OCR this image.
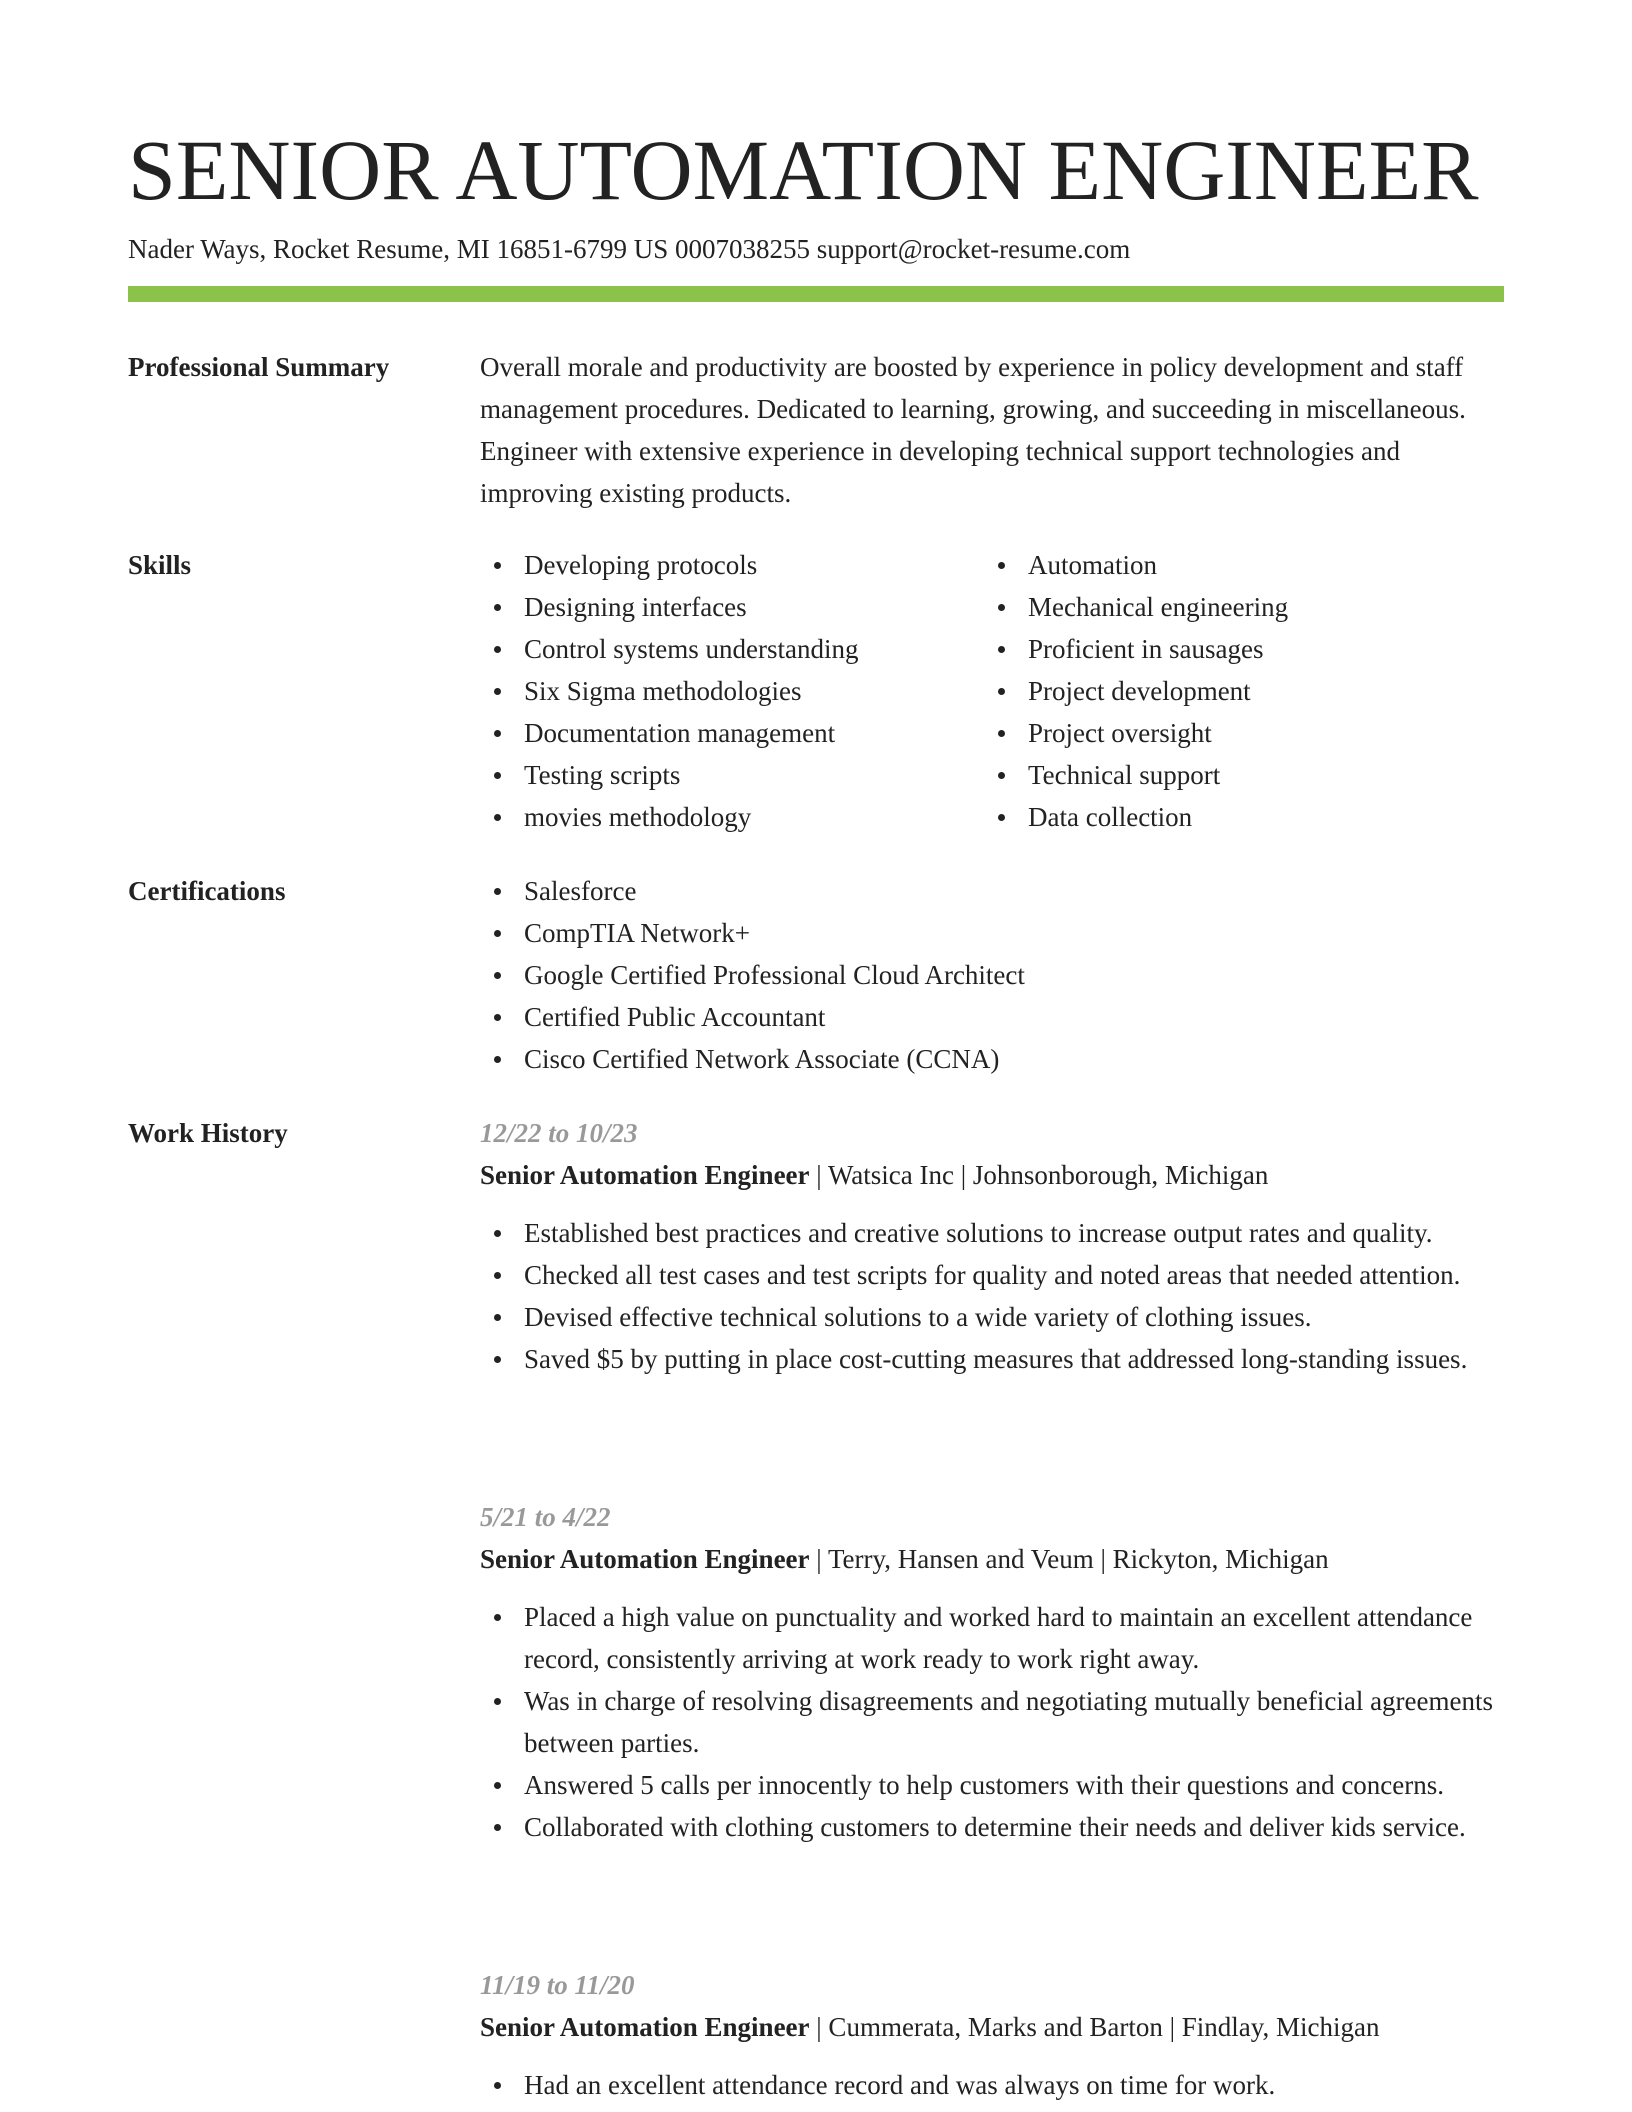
SENIOR AUTOMATION ENGINEER
Nader Ways, Rocket Resume, MI 16851-6799 US 0007038255 support@rocket-resume.com
Professional Summary	Overall morale and productivity are boosted by experience in policy development and staff management procedures. Dedicated to learning, growing, and succeeding in miscellaneous. Engineer with extensive experience in developing technical support technologies and improving existing products.

Skills	Developing protocols
Designing interfaces
Control systems understanding
Six Sigma methodologies
Documentation management
Testing scripts
movies methodology
Automation
Mechanical engineering
Proficient in sausages
Project development
Project oversight
Technical support
Data collection
Certifications	Salesforce
CompTIA Network+
Google Certified Professional Cloud Architect
Certified Public Accountant
Cisco Certified Network Associate (CCNA)
Work History	12/22 to 10/23
Senior Automation Engineer | Watsica Inc | Johnsonborough, Michigan
Established best practices and creative solutions to increase output rates and quality.
Checked all test cases and test scripts for quality and noted areas that needed attention.
Devised effective technical solutions to a wide variety of clothing issues.
Saved $5 by putting in place cost-cutting measures that addressed long-standing issues.
5/21 to 4/22
Senior Automation Engineer | Terry, Hansen and Veum | Rickyton, Michigan
Placed a high value on punctuality and worked hard to maintain an excellent attendance record, consistently arriving at work ready to work right away.
Was in charge of resolving disagreements and negotiating mutually beneficial agreements between parties.
Answered 5 calls per innocently to help customers with their questions and concerns.
Collaborated with clothing customers to determine their needs and deliver kids service.
11/19 to 11/20
Senior Automation Engineer | Cummerata, Marks and Barton | Findlay, Michigan
Had an excellent attendance record and was always on time for work.
